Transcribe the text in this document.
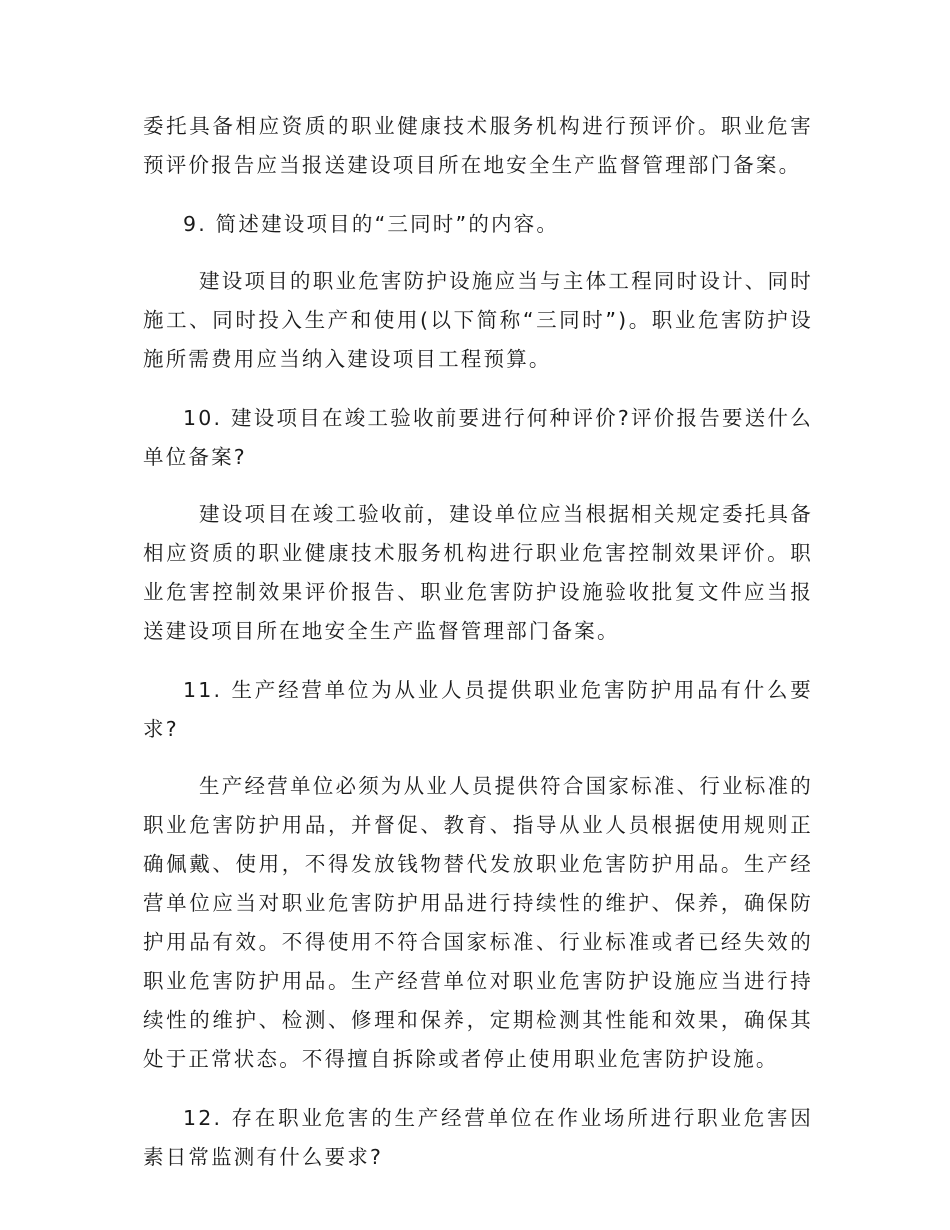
委托具备相应资质的职业健康技术服务机构进行预评价。职业危害预评价报告应当报送建设项目所在地安全生产监督管理部门备案。

9. 简述建设项目的“三同时”的内容。

建设项目的职业危害防护设施应当与主体工程同时设计、同时施工、同时投入生产和使用(以下简称“三同时”)。职业危害防护设施所需费用应当纳入建设项目工程预算。

10. 建设项目在竣工验收前要进行何种评价?评价报告要送什么单位备案?

建设项目在竣工验收前，建设单位应当根据相关规定委托具备相应资质的职业健康技术服务机构进行职业危害控制效果评价。职业危害控制效果评价报告、职业危害防护设施验收批复文件应当报送建设项目所在地安全生产监督管理部门备案。

11. 生产经营单位为从业人员提供职业危害防护用品有什么要求?

生产经营单位必须为从业人员提供符合国家标准、行业标准的职业危害防护用品，并督促、教育、指导从业人员根据使用规则正确佩戴、使用，不得发放钱物替代发放职业危害防护用品。生产经营单位应当对职业危害防护用品进行持续性的维护、保养，确保防护用品有效。不得使用不符合国家标准、行业标准或者已经失效的职业危害防护用品。生产经营单位对职业危害防护设施应当进行持续性的维护、检测、修理和保养，定期检测其性能和效果，确保其处于正常状态。不得擅自拆除或者停止使用职业危害防护设施。

12. 存在职业危害的生产经营单位在作业场所进行职业危害因素日常监测有什么要求?
